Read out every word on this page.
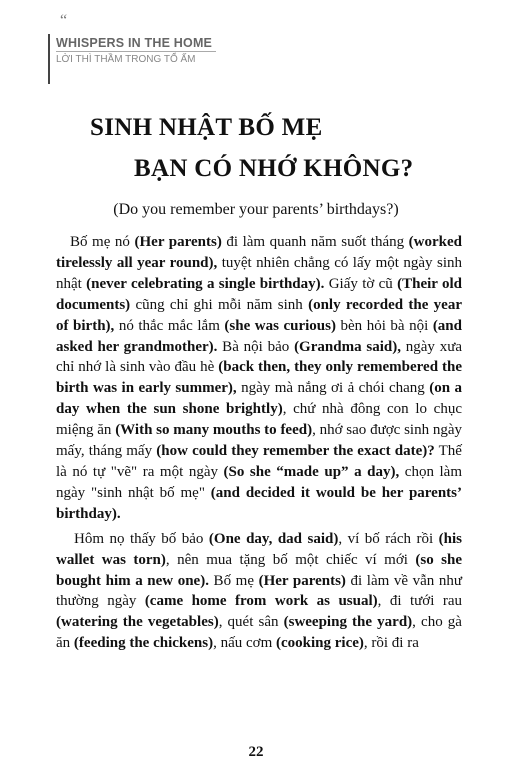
“
WHISPERS IN THE HOME
LỜI THÌ THẦM TRONG TỔ ẤM
SINH NHẬT BỐ MẸ
BẠN CÓ NHỚ KHÔNG?
(Do you remember your parents’ birthdays?)

Bố mẹ nó (Her parents) đi làm quanh năm suốt tháng (worked tirelessly all year round), tuyệt nhiên chẳng có lấy một ngày sinh nhật (never celebrating a single birthday). Giấy tờ cũ (Their old documents) cũng chỉ ghi mỗi năm sinh (only recorded the year of birth), nó thắc mắc lắm (she was curious) bèn hỏi bà nội (and asked her grandmother). Bà nội bảo (Grandma said), ngày xưa chỉ nhớ là sinh vào đầu hè (back then, they only remembered the birth was in early summer), ngày mà nắng ơi ả chói chang (on a day when the sun shone brightly), chứ nhà đông con lo chục miệng ăn (With so many mouths to feed), nhớ sao được sinh ngày mấy, tháng mấy (how could they remember the exact date)? Thế là nó tự "vẽ" ra một ngày (So she “made up” a day), chọn làm ngày "sinh nhật bố mẹ" (and decided it would be her parents’ birthday).

Hôm nọ thấy bố bảo (One day, dad said), ví bố rách rồi (his wallet was torn), nên mua tặng bố một chiếc ví mới (so she bought him a new one). Bố mẹ (Her parents) đi làm về vẫn như thường ngày (came home from work as usual), đi tưới rau (watering the vegetables), quét sân (sweeping the yard), cho gà ăn (feeding the chickens), nấu cơm (cooking rice), rồi đi ra

22
